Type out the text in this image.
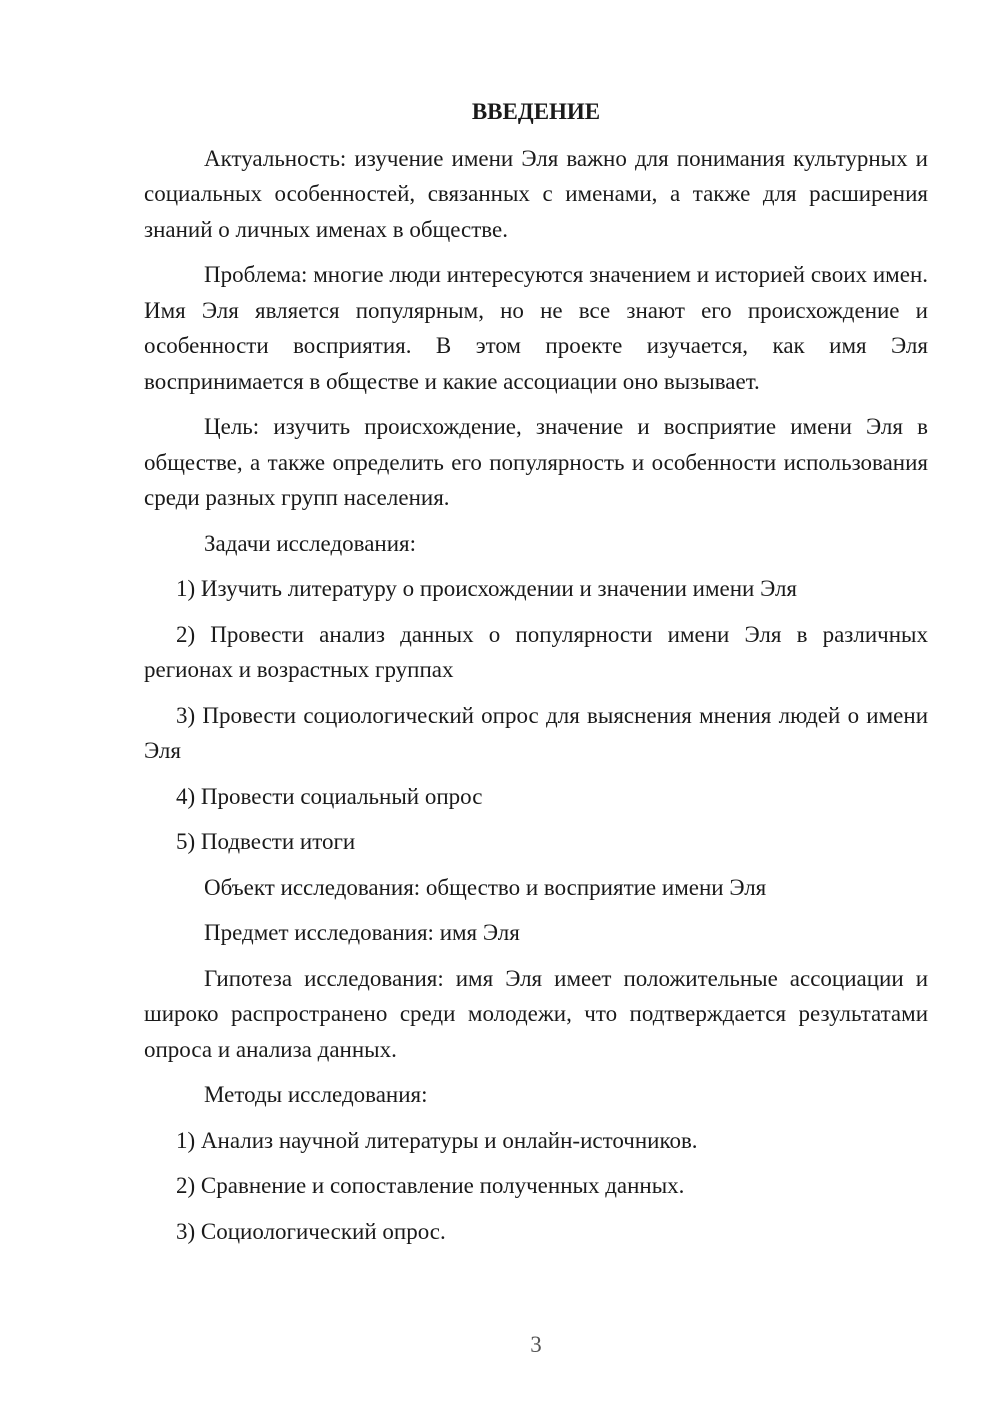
ВВЕДЕНИЕ

Актуальность: изучение имени Эля важно для понимания культурных и социальных особенностей, связанных с именами, а также для расширения знаний о личных именах в обществе.

Проблема: многие люди интересуются значением и историей своих имен. Имя Эля является популярным, но не все знают его происхождение и особенности восприятия. В этом проекте изучается, как имя Эля воспринимается в обществе и какие ассоциации оно вызывает.

Цель: изучить происхождение, значение и восприятие имени Эля в обществе, а также определить его популярность и особенности использования среди разных групп населения.

Задачи исследования:

1) Изучить литературу о происхождении и значении имени Эля

2) Провести анализ данных о популярности имени Эля в различных регионах и возрастных группах

3) Провести социологический опрос для выяснения мнения людей о имени Эля

4) Провести социальный опрос

5) Подвести итоги

Объект исследования: общество и восприятие имени Эля

Предмет исследования: имя Эля

Гипотеза исследования: имя Эля имеет положительные ассоциации и широко распространено среди молодежи, что подтверждается результатами опроса и анализа данных.

Методы исследования:

1) Анализ научной литературы и онлайн-источников.

2) Сравнение и сопоставление полученных данных.

3) Социологический опрос.

3
